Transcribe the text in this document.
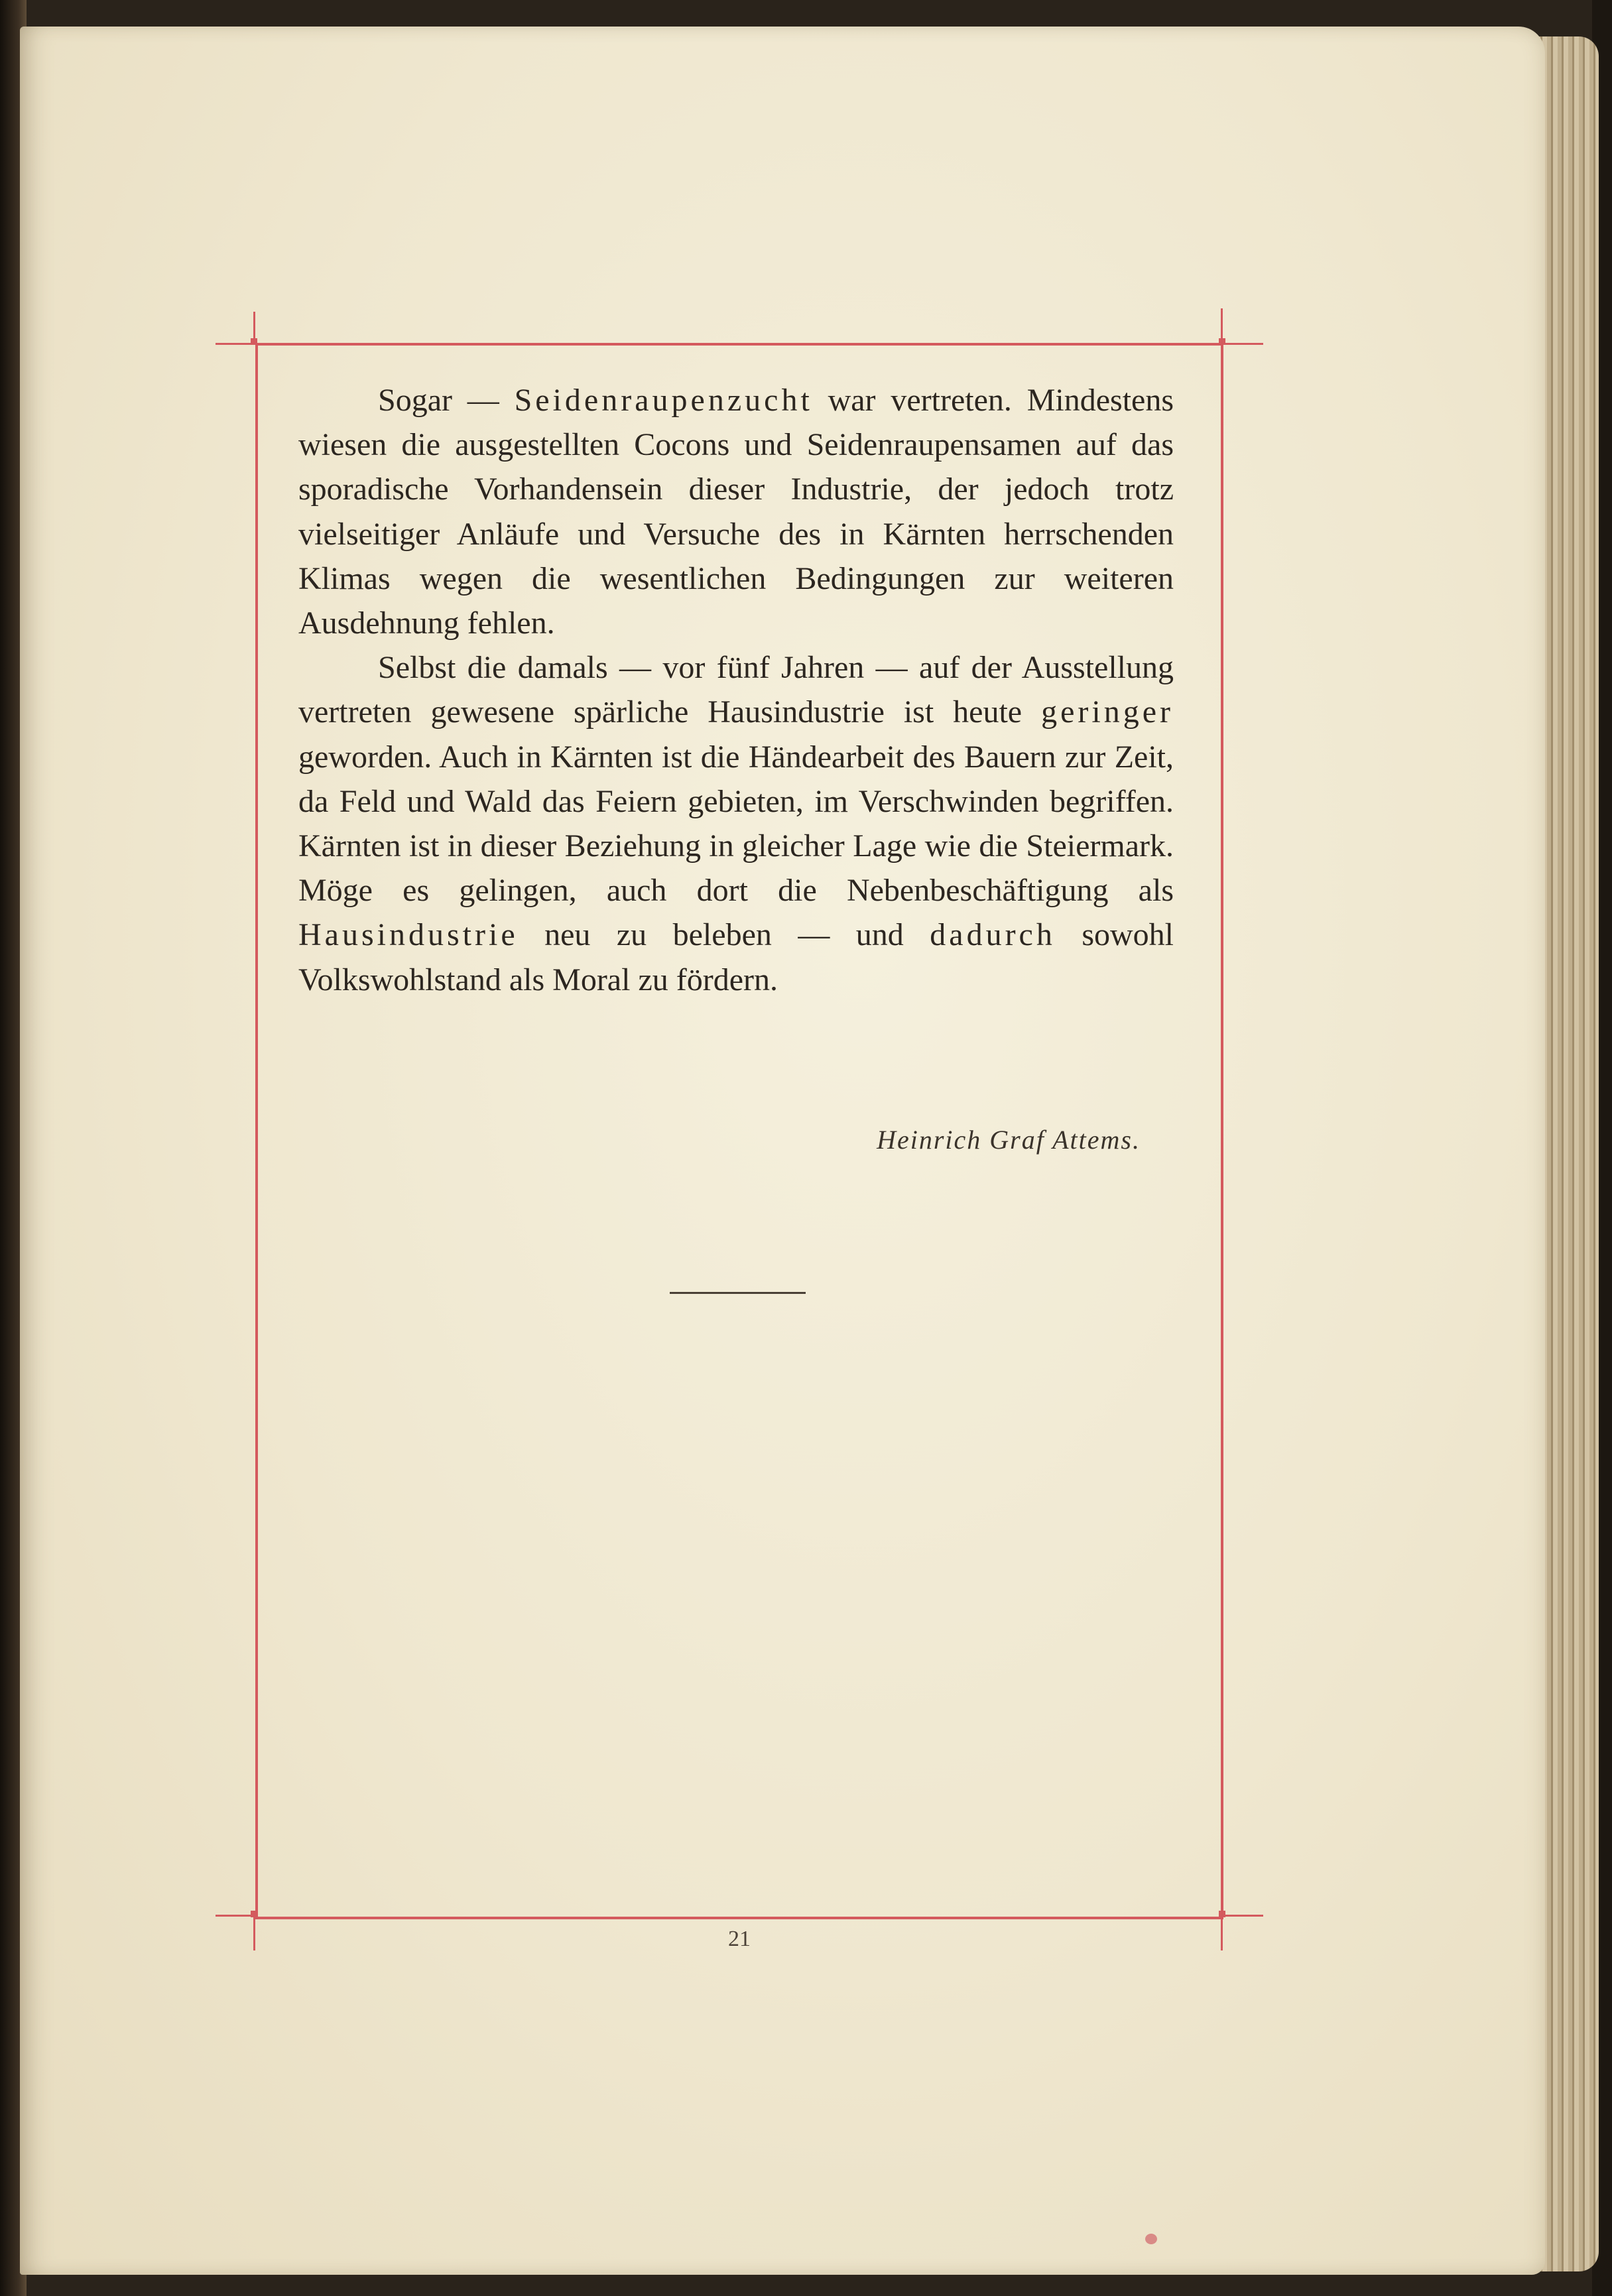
Sogar — Seidenraupenzucht war vertreten. Mindestens wiesen die ausgestellten Cocons und Seidenraupensamen auf das sporadische Vorhandensein dieser Industrie, der jedoch trotz vielseitiger Anläufe und Versuche des in Kärnten herrschenden Klimas wegen die wesentlichen Bedingungen zur weiteren Ausdehnung fehlen.

Selbst die damals — vor fünf Jahren — auf der Ausstellung vertreten gewesene spärliche Hausindustrie ist heute geringer geworden. Auch in Kärnten ist die Händearbeit des Bauern zur Zeit, da Feld und Wald das Feiern gebieten, im Verschwinden begriffen. Kärnten ist in dieser Beziehung in gleicher Lage wie die Steiermark. Möge es gelingen, auch dort die Nebenbeschäftigung als Hausindustrie neu zu beleben — und dadurch sowohl Volkswohlstand als Moral zu fördern.

Heinrich Graf Attems.
21
